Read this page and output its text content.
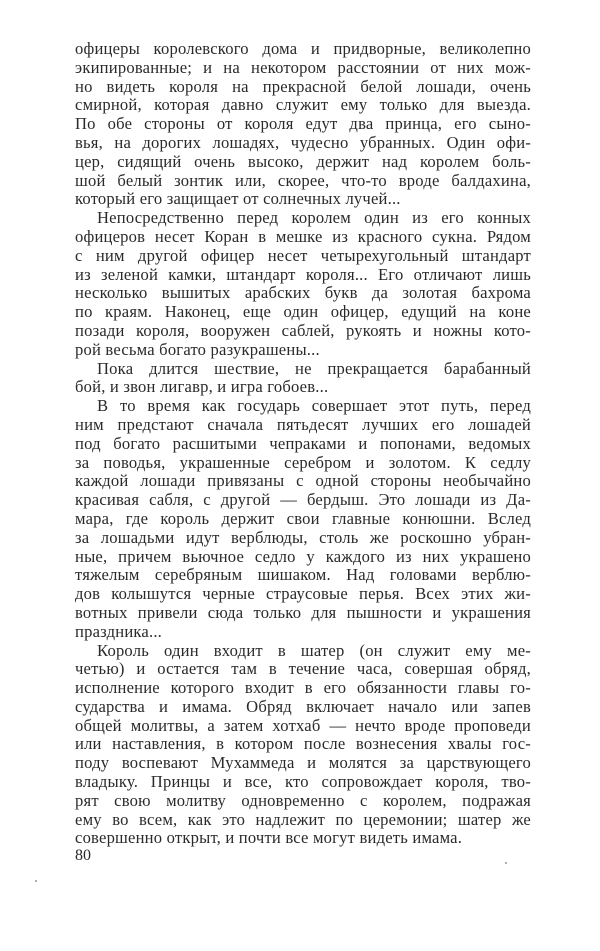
офицеры королевского дома и придворные, великолепно
экипированные; и на некотором расстоянии от них мож-
но видеть короля на прекрасной белой лошади, очень
смирной, которая давно служит ему только для выезда.
По обе стороны от короля едут два принца, его сыно-
вья, на дорогих лошадях, чудесно убранных. Один офи-
цер, сидящий очень высоко, держит над королем боль-
шой белый зонтик или, скорее, что-то вроде балдахина,
который его защищает от солнечных лучей...
Непосредственно перед королем один из его конных
офицеров несет Коран в мешке из красного сукна. Рядом
с ним другой офицер несет четырехугольный штандарт
из зеленой камки, штандарт короля... Его отличают лишь
несколько вышитых арабских букв да золотая бахрома
по краям. Наконец, еще один офицер, едущий на коне
позади короля, вооружен саблей, рукоять и ножны кото-
рой весьма богато разукрашены...
Пока длится шествие, не прекращается барабанный
бой, и звон лигавр, и игра гобоев...
В то время как государь совершает этот путь, перед
ним предстают сначала пятьдесят лучших его лошадей
под богато расшитыми чепраками и попонами, ведомых
за поводья, украшенные серебром и золотом. К седлу
каждой лошади привязаны с одной стороны необычайно
красивая сабля, с другой — бердыш. Это лошади из Да-
мара, где король держит свои главные конюшни. Вслед
за лошадьми идут верблюды, столь же роскошно убран-
ные, причем вьючное седло у каждого из них украшено
тяжелым серебряным шишаком. Над головами верблю-
дов колышутся черные страусовые перья. Всех этих жи-
вотных привели сюда только для пышности и украшения
праздника...
Король один входит в шатер (он служит ему ме-
четью) и остается там в течение часа, совершая обряд,
исполнение которого входит в его обязанности главы го-
сударства и имама. Обряд включает начало или запев
общей молитвы, а затем хотхаб — нечто вроде проповеди
или наставления, в котором после вознесения хвалы гос-
поду воспевают Мухаммеда и молятся за царствующего
владыку. Принцы и все, кто сопровождает короля, тво-
рят свою молитву одновременно с королем, подражая
ему во всем, как это надлежит по церемонии; шатер же
совершенно открыт, и почти все могут видеть имама.
80
